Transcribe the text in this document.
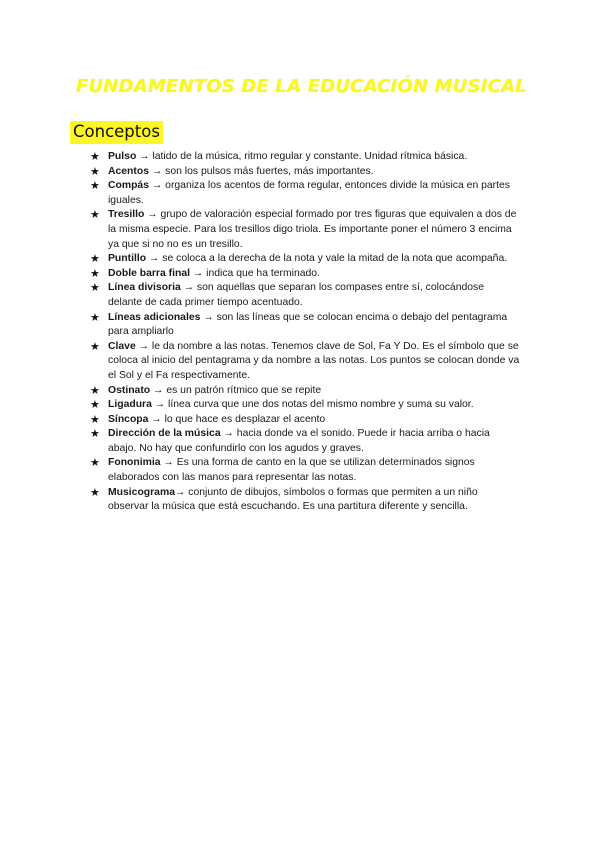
FUNDAMENTOS DE LA EDUCACIÓN MUSICAL
Conceptos
★ Pulso → latido de la música, ritmo regular y constante. Unidad rítmica básica.
★ Acentos → son los pulsos más fuertes, más importantes.
★ Compás → organiza los acentos de forma regular, entonces divide la música en partes iguales.
★ Tresillo → grupo de valoración especial formado por tres figuras que equivalen a dos de la misma especie. Para los tresillos digo triola. Es importante poner el número 3 encima ya que si no no es un tresillo.
★ Puntillo → se coloca a la derecha de la nota y vale la mitad de la nota que acompaña.
★ Doble barra final → indica que ha terminado.
★ Línea divisoria → son aquellas que separan los compases entre sí, colocándose delante de cada primer tiempo acentuado.
★ Líneas adicionales → son las líneas que se colocan encima o debajo del pentagrama para ampliarlo
★ Clave → le da nombre a las notas. Tenemos clave de Sol, Fa Y Do. Es el símbolo que se coloca al inicio del pentagrama y da nombre a las notas. Los puntos se colocan donde va el Sol y el Fa respectivamente.
★ Ostinato → es un patrón rítmico que se repite
★ Ligadura → línea curva que une dos notas del mismo nombre y suma su valor.
★ Síncopa → lo que hace es desplazar el acento
★ Dirección de la música → hacia donde va el sonido. Puede ir hacia arriba o hacia abajo. No hay que confundirlo con los agudos y graves.
★ Fononimia → Es una forma de canto en la que se utilizan determinados signos elaborados con las manos para representar las notas.
★ Musicograma→ conjunto de dibujos, símbolos o formas que permiten a un niño observar la música que está escuchando. Es una partitura diferente y sencilla.
